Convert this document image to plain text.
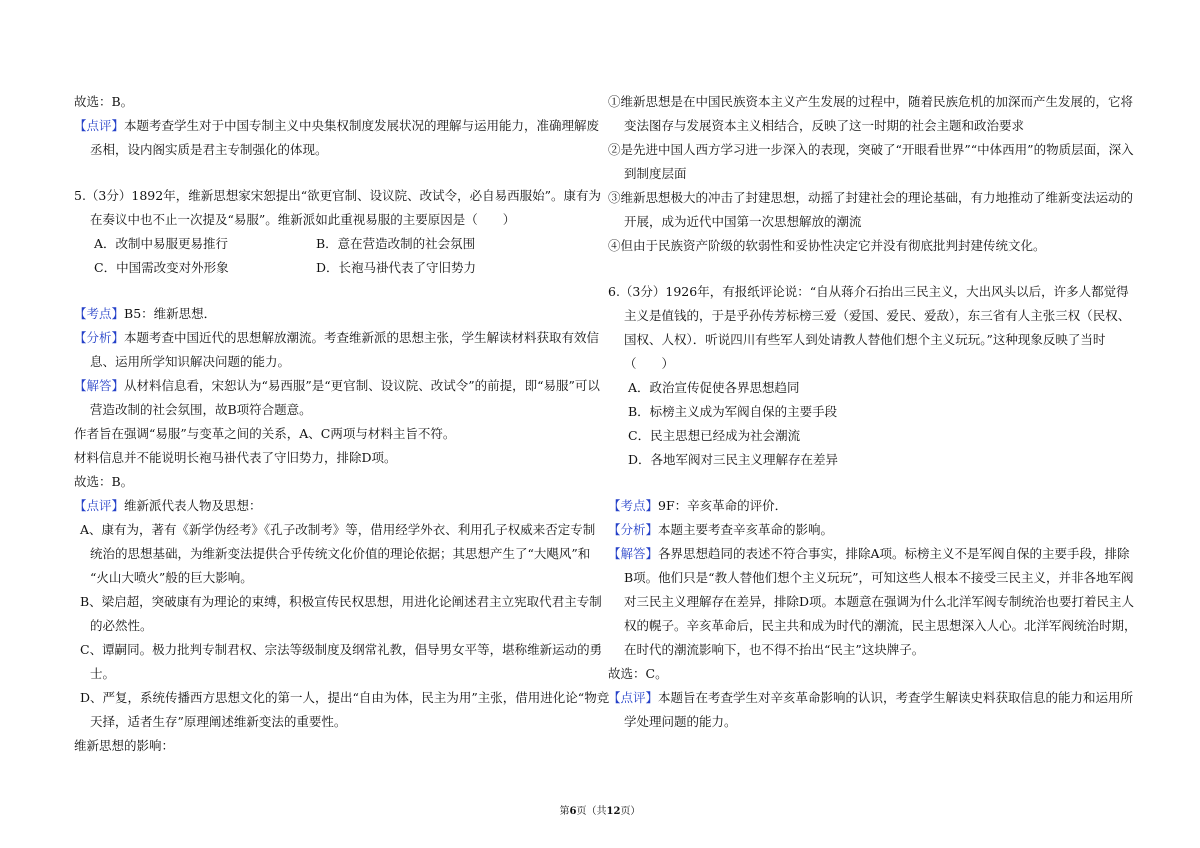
故选：B。
【点评】本题考查学生对于中国专制主义中央集权制度发展状况的理解与运用能力，准确理解废
丞相，设内阁实质是君主专制强化的体现。
5.（3分）1892年，维新思想家宋恕提出“欲更官制、设议院、改试令，必自易西服始”。康有为
在奏议中也不止一次提及“易服”。维新派如此重视易服的主要原因是（　　）
A．改制中易服更易推行	B．意在营造改制的社会氛围
C．中国需改变对外形象	D．长袍马褂代表了守旧势力
【考点】B5：维新思想．
【分析】本题考查中国近代的思想解放潮流。考查维新派的思想主张，学生解读材料获取有效信
息、运用所学知识解决问题的能力。
【解答】从材料信息看，宋恕认为“易西服”是“更官制、设议院、改试令”的前提，即“易服”可以
营造改制的社会氛围，故B项符合题意。
作者旨在强调“易服”与变革之间的关系，A、C两项与材料主旨不符。
材料信息并不能说明长袍马褂代表了守旧势力，排除D项。
故选：B。
【点评】维新派代表人物及思想：
A、康有为，著有《新学伪经考》《孔子改制考》等，借用经学外衣、利用孔子权威来否定专制
统治的思想基础，为维新变法提供合乎传统文化价值的理论依据；其思想产生了“大飓风”和
“火山大喷火”般的巨大影响。
B、梁启超，突破康有为理论的束缚，积极宣传民权思想，用进化论阐述君主立宪取代君主专制
的必然性。
C、谭嗣同。极力批判专制君权、宗法等级制度及纲常礼教，倡导男女平等，堪称维新运动的勇
士。
D、严复，系统传播西方思想文化的第一人，提出“自由为体，民主为用”主张，借用进化论“物竞
天择，适者生存”原理阐述维新变法的重要性。
维新思想的影响：
①维新思想是在中国民族资本主义产生发展的过程中，随着民族危机的加深而产生发展的，它将
变法图存与发展资本主义相结合，反映了这一时期的社会主题和政治要求
②是先进中国人西方学习进一步深入的表现，突破了“开眼看世界”“中体西用”的物质层面，深入
到制度层面
③维新思想极大的冲击了封建思想，动摇了封建社会的理论基础，有力地推动了维新变法运动的
开展，成为近代中国第一次思想解放的潮流
④但由于民族资产阶级的软弱性和妥协性决定它并没有彻底批判封建传统文化。
6.（3分）1926年，有报纸评论说：“自从蒋介石抬出三民主义，大出风头以后，许多人都觉得
主义是值钱的，于是乎孙传芳标榜三爱（爱国、爱民、爱敌），东三省有人主张三权（民权、
国权、人权）．听说四川有些军人到处请教人替他们想个主义玩玩。”这种现象反映了当时
（　　）
A．政治宣传促使各界思想趋同
B．标榜主义成为军阀自保的主要手段
C．民主思想已经成为社会潮流
D．各地军阀对三民主义理解存在差异
【考点】9F：辛亥革命的评价．
【分析】本题主要考查辛亥革命的影响。
【解答】各界思想趋同的表述不符合事实，排除A项。标榜主义不是军阀自保的主要手段，排除
B项。他们只是“教人替他们想个主义玩玩”，可知这些人根本不接受三民主义，并非各地军阀
对三民主义理解存在差异，排除D项。本题意在强调为什么北洋军阀专制统治也要打着民主人
权的幌子。辛亥革命后，民主共和成为时代的潮流，民主思想深入人心。北洋军阀统治时期，
在时代的潮流影响下，也不得不抬出“民主”这块牌子。
故选：C。
【点评】本题旨在考查学生对辛亥革命影响的认识，考查学生解读史料获取信息的能力和运用所
学处理问题的能力。
第6页（共12页）
